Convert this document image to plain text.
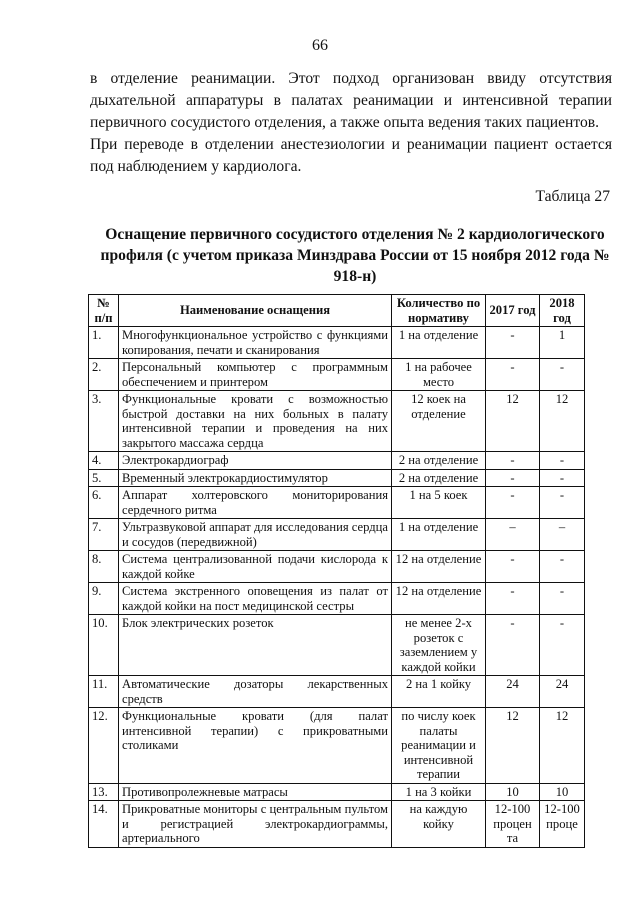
66

в отделение реанимации. Этот подход организован ввиду отсутствия дыхательной аппаратуры в палатах реанимации и интенсивной терапии первичного сосудистого отделения, а также опыта ведения таких пациентов.

При переводе в отделении анестезиологии и реанимации пациент остается под наблюдением у кардиолога.

Таблица 27
Оснащение первичного сосудистого отделения № 2 кардиологического профиля (с учетом приказа Минздрава России от 15 ноября 2012 года № 918-н)
№ п/п	Наименование оснащения	Количество по нормативу	2017 год	2018 год
1.	Многофункциональное устройство с функциями копирования, печати и сканирования	1 на отделение	-	1
2.	Персональный компьютер с программным обеспечением и принтером	1 на рабочее место	-	-
3.	Функциональные кровати с возможностью быстрой доставки на них больных в палату интенсивной терапии и проведения на них закрытого массажа сердца	12 коек на отделение	12	12
4.	Электрокардиограф	2 на отделение	-	-
5.	Временный электрокардиостимулятор	2 на отделение	-	-
6.	Аппарат холтеровского мониторирования сердечного ритма	1 на 5 коек	-	-
7.	Ультразвуковой аппарат для исследования сердца и сосудов (передвижной)	1 на отделение	–	–
8.	Система централизованной подачи кислорода к каждой койке	12 на отделение	-	-
9.	Система экстренного оповещения из палат от каждой койки на пост медицинской сестры	12 на отделение	-	-
10.	Блок электрических розеток	не менее 2-х розеток с заземлением у каждой койки	-	-
11.	Автоматические дозаторы лекарственных средств	2 на 1 койку	24	24
12.	Функциональные кровати (для палат интенсивной терапии) с прикроватными столиками	по числу коек палаты реанимации и интенсивной терапии	12	12
13.	Противопролежневые матрасы	1 на 3 койки	10	10
14.	Прикроватные мониторы с центральным пультом и регистрацией электрокардиограммы, артериального	на каждую койку	12-100 процен та	12-100 проце
